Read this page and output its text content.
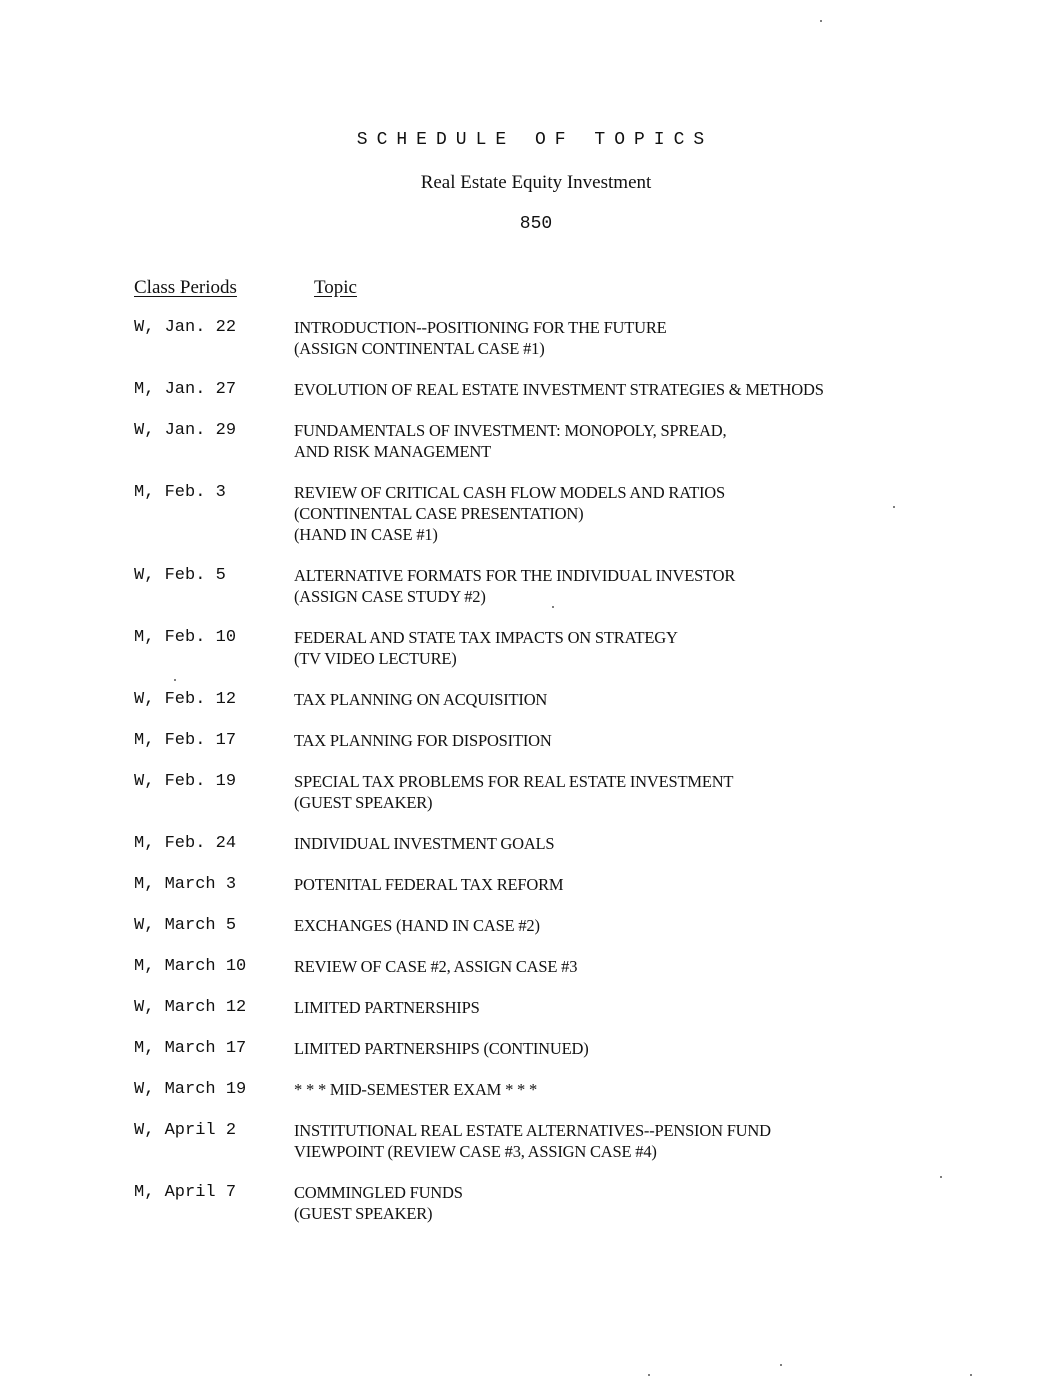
SCHEDULE OF TOPICS
Real Estate Equity Investment
850
Class Periods	Topic
W, Jan. 22	INTRODUCTION--POSITIONING FOR THE FUTURE
(ASSIGN CONTINENTAL CASE #1)
M, Jan. 27	EVOLUTION OF REAL ESTATE INVESTMENT STRATEGIES & METHODS
W, Jan. 29	FUNDAMENTALS OF INVESTMENT: MONOPOLY, SPREAD,
AND RISK MANAGEMENT
M, Feb. 3	REVIEW OF CRITICAL CASH FLOW MODELS AND RATIOS
(CONTINENTAL CASE PRESENTATION)
(HAND IN CASE #1)
W, Feb. 5	ALTERNATIVE FORMATS FOR THE INDIVIDUAL INVESTOR
(ASSIGN CASE STUDY #2)
M, Feb. 10	FEDERAL AND STATE TAX IMPACTS ON STRATEGY
(TV VIDEO LECTURE)
W, Feb. 12	TAX PLANNING ON ACQUISITION
M, Feb. 17	TAX PLANNING FOR DISPOSITION
W, Feb. 19	SPECIAL TAX PROBLEMS FOR REAL ESTATE INVESTMENT
(GUEST SPEAKER)
M, Feb. 24	INDIVIDUAL INVESTMENT GOALS
M, March 3	POTENITAL FEDERAL TAX REFORM
W, March 5	EXCHANGES (HAND IN CASE #2)
M, March 10	REVIEW OF CASE #2, ASSIGN CASE #3
W, March 12	LIMITED PARTNERSHIPS
M, March 17	LIMITED PARTNERSHIPS (CONTINUED)
W, March 19	* * * MID-SEMESTER EXAM * * *
W, April 2	INSTITUTIONAL REAL ESTATE ALTERNATIVES--PENSION FUND
VIEWPOINT (REVIEW CASE #3, ASSIGN CASE #4)
M, April 7	COMMINGLED FUNDS
(GUEST SPEAKER)
